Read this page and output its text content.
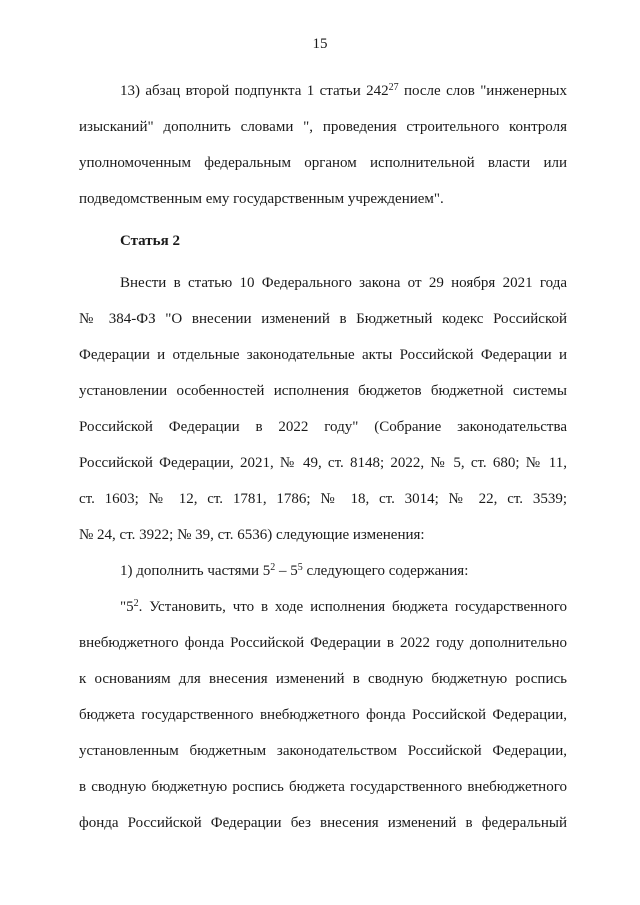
15
13) абзац второй подпункта 1 статьи $242^{27}$ после слов "инженерных
изысканий" дополнить словами ", проведения строительного контроля
уполномоченным федеральным органом исполнительной власти или
подведомственным ему государственным учреждением".
Статья 2
Внести в статью 10 Федерального закона от 29 ноября 2021 года
№ 384-ФЗ "О внесении изменений в Бюджетный кодекс Российской
Федерации и отдельные законодательные акты Российской Федерации и
установлении особенностей исполнения бюджетов бюджетной системы
Российской Федерации в 2022 году" (Собрание законодательства
Российской Федерации, 2021, № 49, ст. 8148; 2022, № 5, ст. 680; № 11,
ст. 1603; № 12, ст. 1781, 1786; № 18, ст. 3014; № 22, ст. 3539;
№ 24, ст. 3922; № 39, ст. 6536) следующие изменения:
1) дополнить частями $5^2 - 5^5$ следующего содержания:
"$5^2$. Установить, что в ходе исполнения бюджета государственного
внебюджетного фонда Российской Федерации в 2022 году дополнительно
к основаниям для внесения изменений в сводную бюджетную роспись
бюджета государственного внебюджетного фонда Российской Федерации,
установленным бюджетным законодательством Российской Федерации,
в сводную бюджетную роспись бюджета государственного внебюджетного
фонда Российской Федерации без внесения изменений в федеральный
